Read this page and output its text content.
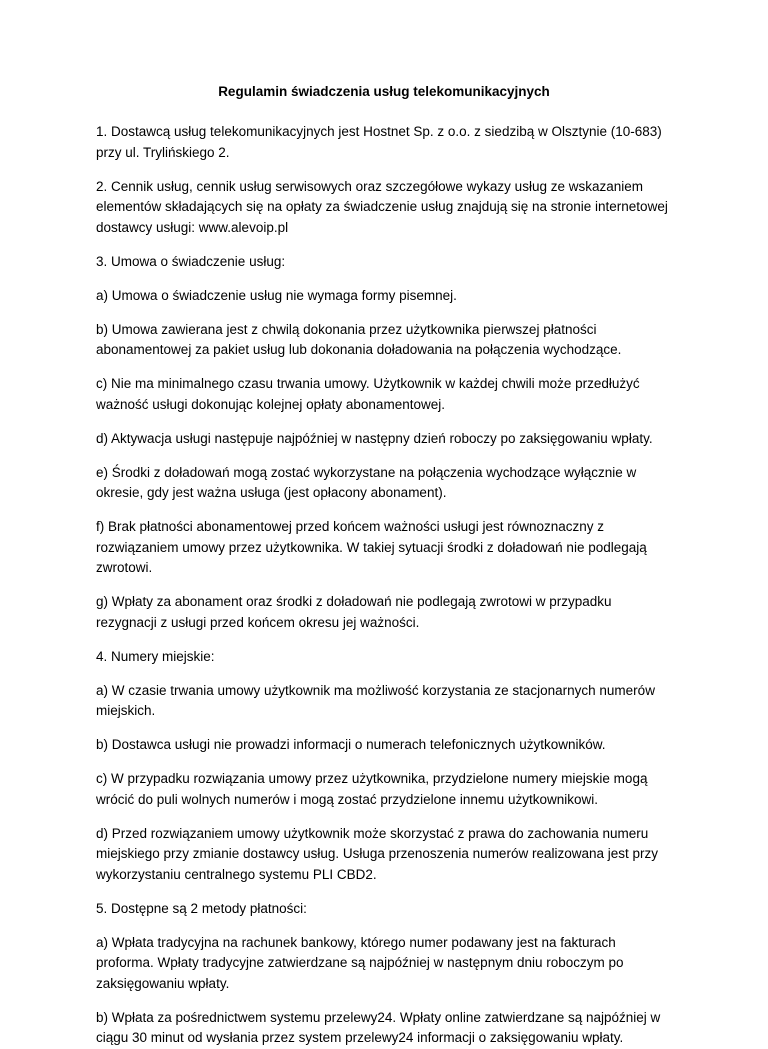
Regulamin świadczenia usług telekomunikacyjnych

1. Dostawcą usług telekomunikacyjnych jest Hostnet Sp. z o.o. z siedzibą w Olsztynie (10-683) przy ul. Trylińskiego 2.

2. Cennik usług, cennik usług serwisowych oraz szczegółowe wykazy usług ze wskazaniem elementów składających się na opłaty za świadczenie usług znajdują się na stronie internetowej dostawcy usługi: www.alevoip.pl

3. Umowa o świadczenie usług:

a) Umowa o świadczenie usług nie wymaga formy pisemnej.

b) Umowa zawierana jest z chwilą dokonania przez użytkownika pierwszej płatności abonamentowej za pakiet usług lub dokonania doładowania na połączenia wychodzące.

c) Nie ma minimalnego czasu trwania umowy. Użytkownik w każdej chwili może przedłużyć ważność usługi dokonując kolejnej opłaty abonamentowej.

d) Aktywacja usługi następuje najpóźniej w następny dzień roboczy po zaksięgowaniu wpłaty.

e) Środki z doładowań mogą zostać wykorzystane na połączenia wychodzące wyłącznie w okresie, gdy jest ważna usługa (jest opłacony abonament).

f) Brak płatności abonamentowej przed końcem ważności usługi jest równoznaczny z rozwiązaniem umowy przez użytkownika. W takiej sytuacji środki z doładowań nie podlegają zwrotowi.

g) Wpłaty za abonament oraz środki z doładowań nie podlegają zwrotowi w przypadku rezygnacji z usługi przed końcem okresu jej ważności.

4. Numery miejskie:

a) W czasie trwania umowy użytkownik ma możliwość korzystania ze stacjonarnych numerów miejskich.

b) Dostawca usługi nie prowadzi informacji o numerach telefonicznych użytkowników.

c) W przypadku rozwiązania umowy przez użytkownika, przydzielone numery miejskie mogą wrócić do puli wolnych numerów i mogą zostać przydzielone innemu użytkownikowi.

d) Przed rozwiązaniem umowy użytkownik może skorzystać z prawa do zachowania numeru miejskiego przy zmianie dostawcy usług. Usługa przenoszenia numerów realizowana jest przy wykorzystaniu centralnego systemu PLI CBD2.

5. Dostępne są 2 metody płatności:

a) Wpłata tradycyjna na rachunek bankowy, którego numer podawany jest na fakturach proforma. Wpłaty tradycyjne zatwierdzane są najpóźniej w następnym dniu roboczym po zaksięgowaniu wpłaty.

b) Wpłata za pośrednictwem systemu przelewy24. Wpłaty online zatwierdzane są najpóźniej w ciągu 30 minut od wysłania przez system przelewy24 informacji o zaksięgowaniu wpłaty.
